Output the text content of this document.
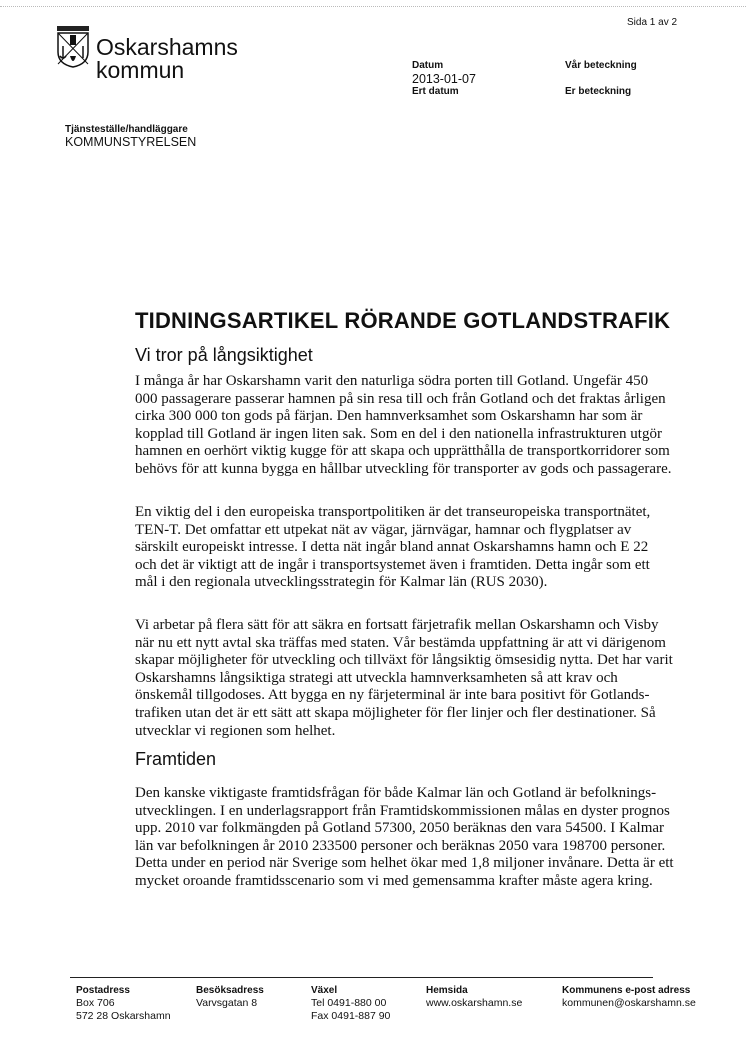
Oskarshamns
kommun
Sida 1 av 2
Datum
2013-01-07
Ert datum
Vår beteckning
Er beteckning
Tjänsteställe/handläggare
KOMMUNSTYRELSEN
TIDNINGSARTIKEL RÖRANDE GOTLANDSTRAFIK
Vi tror på långsiktighet
I många år har Oskarshamn varit den naturliga södra porten till Gotland. Ungefär 450
000 passagerare passerar hamnen på sin resa till och från Gotland och det fraktas årligen
cirka 300 000 ton gods på färjan. Den hamnverksamhet som Oskarshamn har som är
kopplad till Gotland är ingen liten sak. Som en del i den nationella infrastrukturen utgör
hamnen en oerhört viktig kugge för att skapa och upprätthålla de transportkorridorer som
behövs för att kunna bygga en hållbar utveckling för transporter av gods och passagerare.
En viktig del i den europeiska transportpolitiken är det transeuropeiska transportnätet,
TEN-T. Det omfattar ett utpekat nät av vägar, järnvägar, hamnar och flygplatser av
särskilt europeiskt intresse. I detta nät ingår bland annat Oskarshamns hamn och E 22
och det är viktigt att de ingår i transportsystemet även i framtiden. Detta ingår som ett
mål i den regionala utvecklingsstrategin för Kalmar län (RUS 2030).
Vi arbetar på flera sätt för att säkra en fortsatt färjetrafik mellan Oskarshamn och Visby
när nu ett nytt avtal ska träffas med staten. Vår bestämda uppfattning är att vi därigenom
skapar möjligheter för utveckling och tillväxt för långsiktig ömsesidig nytta. Det har varit
Oskarshamns långsiktiga strategi att utveckla hamnverksamheten så att krav och
önskemål tillgodoses. Att bygga en ny färjeterminal är inte bara positivt för Gotlands-
trafiken utan det är ett sätt att skapa möjligheter för fler linjer och fler destinationer. Så
utvecklar vi regionen som helhet.
Framtiden
Den kanske viktigaste framtidsfrågan för både Kalmar län och Gotland är befolknings-
utvecklingen. I en underlagsrapport från Framtidskommissionen målas en dyster prognos
upp. 2010 var folkmängden på Gotland 57300, 2050 beräknas den vara 54500. I Kalmar
län var befolkningen år 2010 233500 personer och beräknas 2050 vara 198700 personer.
Detta under en period när Sverige som helhet ökar med 1,8 miljoner invånare. Detta är ett
mycket oroande framtidsscenario som vi med gemensamma krafter måste agera kring.
Postadress
Box 706
572 28 Oskarshamn
Besöksadress
Varvsgatan 8
Växel
Tel 0491-880 00
Fax 0491-887 90
Hemsida
www.oskarshamn.se
Kommunens e-post adress
kommunen@oskarshamn.se
